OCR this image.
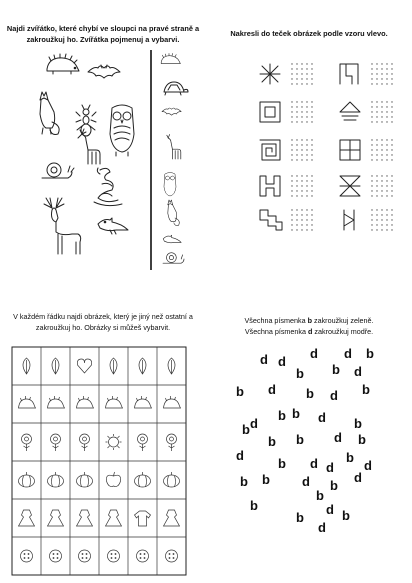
Najdi zvířátko, které chybí ve sloupci na pravé straně a
zakroužkuj ho. Zvířátka pojmenuj a vybarvi.
Nakresli do teček obrázek podle vzoru vlevo.
V každém řádku najdi obrázek, který je jiný než ostatní a
zakroužkuj ho. Obrázky si můžeš vybarvit.
Všechna písmenka b zakroužkuj zeleně.
Všechna písmenka d zakroužkuj modře.
d d
d
b
d b
d
b
b d b
b
d b
b d b
b d
b b d b
d
b d b
d
d
b b d b
d
b
b
b
d b
d
